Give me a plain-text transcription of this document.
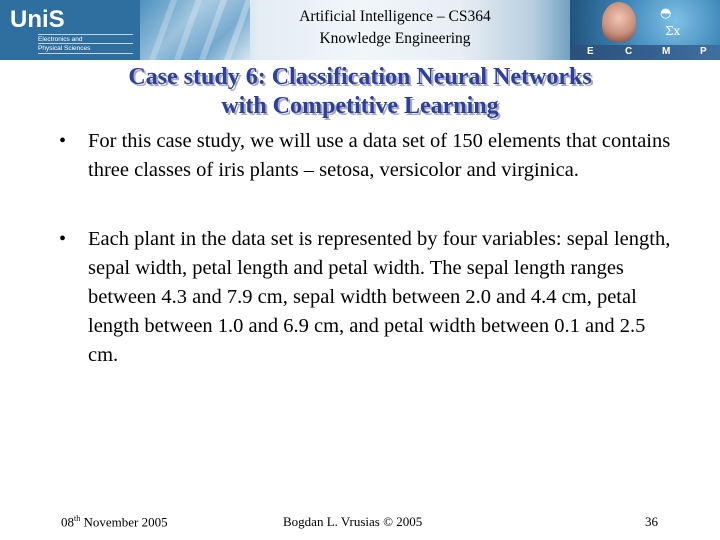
UniS
Electronics and
Physical Sciences
Artificial Intelligence – CS364
Knowledge Engineering
◓
Σx
E	C	M	P
Case study 6: Classification Neural Networks
with Competitive Learning
• For this case study, we will use a data set of 150 elements that contains three classes of iris plants – setosa, versicolor and virginica.
• Each plant in the data set is represented by four variables: sepal length, sepal width, petal length and petal width. The sepal length ranges between 4.3 and 7.9 cm, sepal width between 2.0 and 4.4 cm, petal length between 1.0 and 6.9 cm, and petal width between 0.1 and 2.5 cm.
08th November 2005	Bogdan L. Vrusias © 2005	36
